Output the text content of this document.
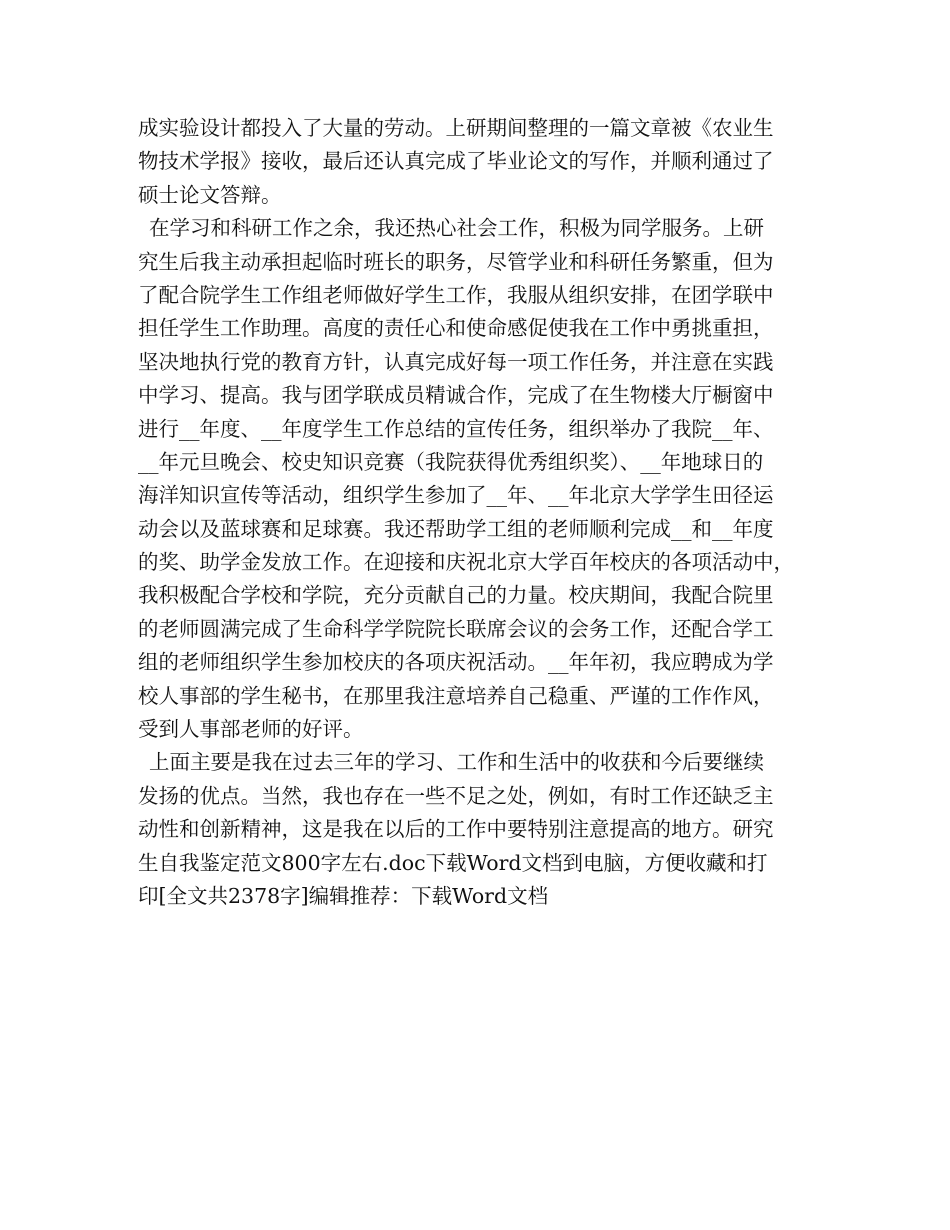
成实验设计都投入了大量的劳动。上研期间整理的一篇文章被《农业生
物技术学报》接收，最后还认真完成了毕业论文的写作，并顺利通过了
硕士论文答辩。
在学习和科研工作之余，我还热心社会工作，积极为同学服务。上研
究生后我主动承担起临时班长的职务，尽管学业和科研任务繁重，但为
了配合院学生工作组老师做好学生工作，我服从组织安排，在团学联中
担任学生工作助理。高度的责任心和使命感促使我在工作中勇挑重担，
坚决地执行党的教育方针，认真完成好每一项工作任务，并注意在实践
中学习、提高。我与团学联成员精诚合作，完成了在生物楼大厅橱窗中
进行__年度、__年度学生工作总结的宣传任务，组织举办了我院__年、
__年元旦晚会、校史知识竞赛（我院获得优秀组织奖）、__年地球日的
海洋知识宣传等活动，组织学生参加了__年、__年北京大学学生田径运
动会以及蓝球赛和足球赛。我还帮助学工组的老师顺利完成__和__年度
的奖、助学金发放工作。在迎接和庆祝北京大学百年校庆的各项活动中，
我积极配合学校和学院，充分贡献自己的力量。校庆期间，我配合院里
的老师圆满完成了生命科学学院院长联席会议的会务工作，还配合学工
组的老师组织学生参加校庆的各项庆祝活动。__年年初，我应聘成为学
校人事部的学生秘书，在那里我注意培养自己稳重、严谨的工作作风，
受到人事部老师的好评。
上面主要是我在过去三年的学习、工作和生活中的收获和今后要继续
发扬的优点。当然，我也存在一些不足之处，例如，有时工作还缺乏主
动性和创新精神，这是我在以后的工作中要特别注意提高的地方。研究
生自我鉴定范文800字左右.doc下载Word文档到电脑，方便收藏和打
印[全文共2378字]编辑推荐：下载Word文档
